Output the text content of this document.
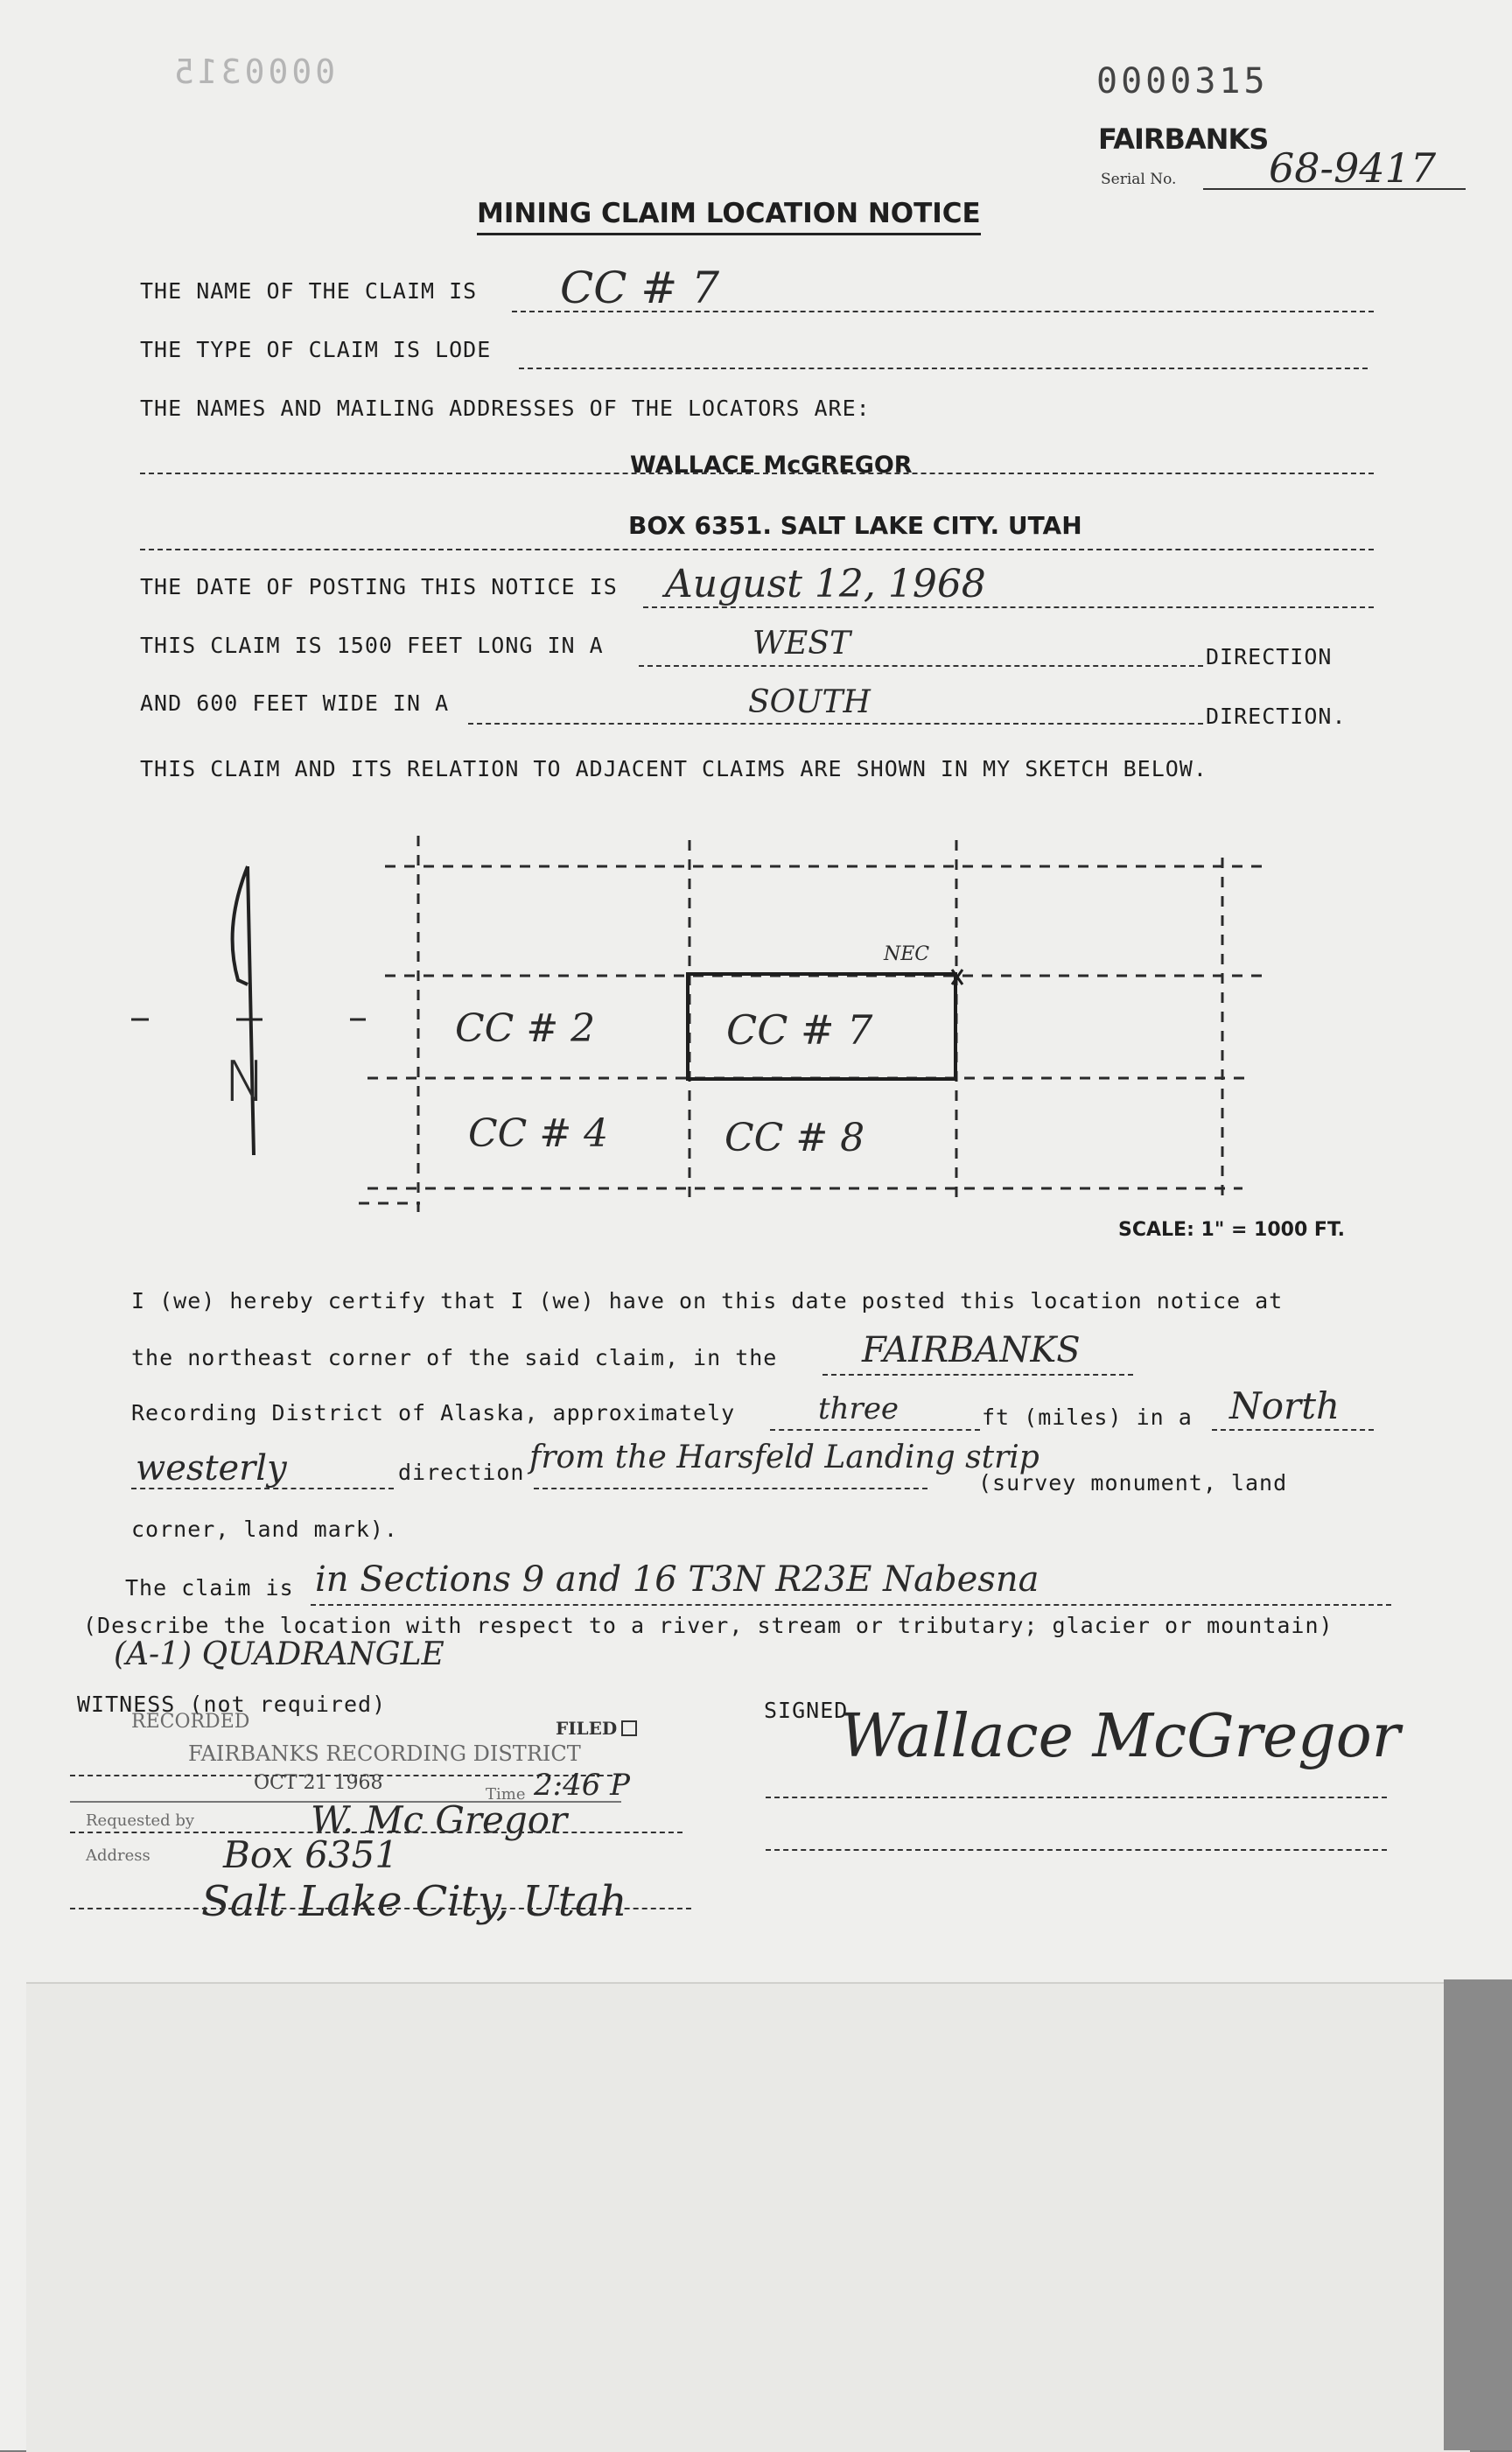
0000315	0000315
FAIRBANKS
Serial No. 68-9417
MINING CLAIM LOCATION NOTICE
THE NAME OF THE CLAIM IS CC # 7
THE TYPE OF CLAIM IS LODE
THE NAMES AND MAILING ADDRESSES OF THE LOCATORS ARE:
WALLACE McGREGOR
BOX 6351. SALT LAKE CITY. UTAH
THE DATE OF POSTING THIS NOTICE IS August 12, 1968
THIS CLAIM IS 1500 FEET LONG IN A	WEST	DIRECTION
AND 600 FEET WIDE IN A	SOUTH	DIRECTION.
THIS CLAIM AND ITS RELATION TO ADJACENT CLAIMS ARE SHOWN IN MY SKETCH BELOW.
N
NEC
CC # 2	CC # 7
CC # 4	CC # 8
SCALE: 1" = 1000 FT.
I (we) hereby certify that I (we) have on this date posted this location notice at
the northeast corner of the said claim, in the FAIRBANKS
Recording District of Alaska, approximately	three	ft (miles) in a North
westerly	direction from the Harsfeld Landing strip
(survey monument, land
corner, land mark).
The claim is in Sections 9 and 16 T3N R23E Nabesna
(Describe the location with respect to a river, stream or tributary; glacier or mountain)
(A-1) QUADRANGLE
WITNESS (not required)	SIGNED
Wallace McGregor
RECORDED	FILED
FAIRBANKS RECORDING DISTRICT
OCT 21 1968
Time 2:46 P
Requested by	W. Mc Gregor
Address Box 6351
Salt Lake City, Utah
